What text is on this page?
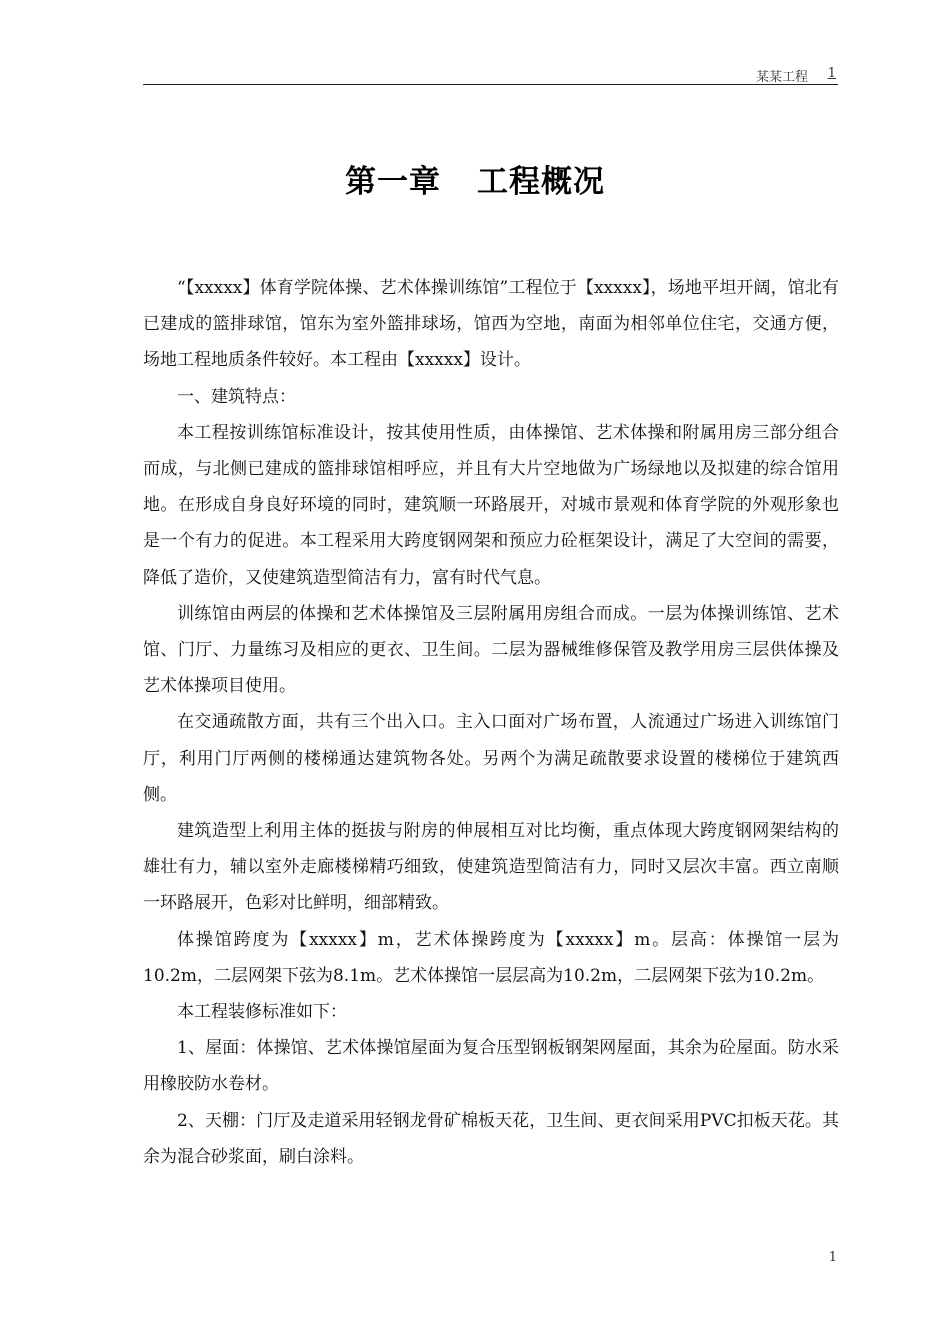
某某工程 1
第一章 工程概况

“【xxxxx】体育学院体操、艺术体操训练馆”工程位于【xxxxx】，场地平坦开阔，馆北有已建成的篮排球馆，馆东为室外篮排球场，馆西为空地，南面为相邻单位住宅，交通方便，场地工程地质条件较好。本工程由【xxxxx】设计。

一、建筑特点：

本工程按训练馆标准设计，按其使用性质，由体操馆、艺术体操和附属用房三部分组合而成，与北侧已建成的篮排球馆相呼应，并且有大片空地做为广场绿地以及拟建的综合馆用地。在形成自身良好环境的同时，建筑顺一环路展开，对城市景观和体育学院的外观形象也是一个有力的促进。本工程采用大跨度钢网架和预应力砼框架设计，满足了大空间的需要，降低了造价，又使建筑造型简洁有力，富有时代气息。

训练馆由两层的体操和艺术体操馆及三层附属用房组合而成。一层为体操训练馆、艺术馆、门厅、力量练习及相应的更衣、卫生间。二层为器械维修保管及教学用房三层供体操及艺术体操项目使用。

在交通疏散方面，共有三个出入口。主入口面对广场布置，人流通过广场进入训练馆门厅，利用门厅两侧的楼梯通达建筑物各处。另两个为满足疏散要求设置的楼梯位于建筑西侧。

建筑造型上利用主体的挺拔与附房的伸展相互对比均衡，重点体现大跨度钢网架结构的雄壮有力，辅以室外走廊楼梯精巧细致，使建筑造型简洁有力，同时又层次丰富。西立南顺一环路展开，色彩对比鲜明，细部精致。

体操馆跨度为【xxxxx】m，艺术体操跨度为【xxxxx】m。层高：体操馆一层为10.2m，二层网架下弦为8.1m。艺术体操馆一层层高为10.2m，二层网架下弦为10.2m。

本工程装修标准如下：

1、屋面：体操馆、艺术体操馆屋面为复合压型钢板钢架网屋面，其余为砼屋面。防水采用橡胶防水卷材。

2、天棚：门厅及走道采用轻钢龙骨矿棉板天花，卫生间、更衣间采用PVC扣板天花。其余为混合砂浆面，刷白涂料。

1
